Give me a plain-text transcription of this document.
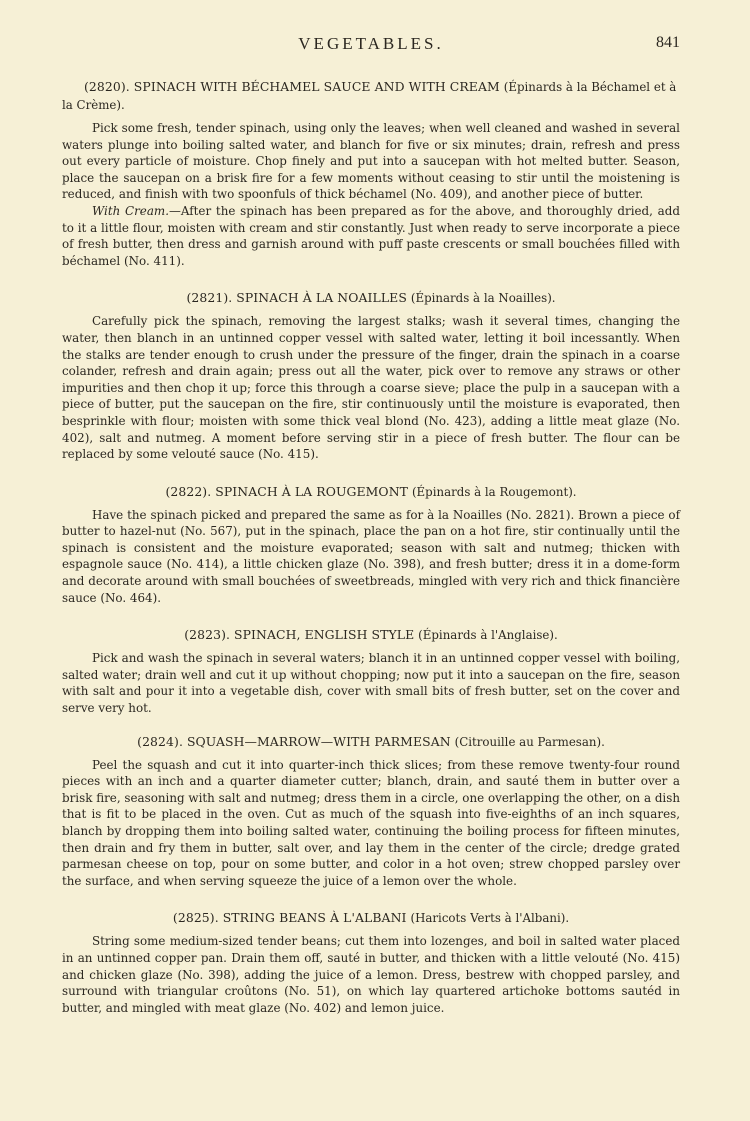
VEGETABLES.	841
(2820). SPINACH WITH BÉCHAMEL SAUCE AND WITH CREAM (Épinards à la Béchamel et à la Crème).

Pick some fresh, tender spinach, using only the leaves; when well cleaned and washed in several waters plunge into boiling salted water, and blanch for five or six minutes; drain, refresh and press out every particle of moisture. Chop finely and put into a saucepan with hot melted butter. Season, place the saucepan on a brisk fire for a few moments without ceasing to stir until the moistening is reduced, and finish with two spoonfuls of thick béchamel (No. 409), and another piece of butter.

With Cream.—After the spinach has been prepared as for the above, and thoroughly dried, add to it a little flour, moisten with cream and stir constantly. Just when ready to serve incorporate a piece of fresh butter, then dress and garnish around with puff paste crescents or small bouchées filled with béchamel (No. 411).

(2821). SPINACH À LA NOAILLES (Épinards à la Noailles).

Carefully pick the spinach, removing the largest stalks; wash it several times, changing the water, then blanch in an untinned copper vessel with salted water, letting it boil incessantly. When the stalks are tender enough to crush under the pressure of the finger, drain the spinach in a coarse colander, refresh and drain again; press out all the water, pick over to remove any straws or other impurities and then chop it up; force this through a coarse sieve; place the pulp in a saucepan with a piece of butter, put the saucepan on the fire, stir continuously until the moisture is evaporated, then besprinkle with flour; moisten with some thick veal blond (No. 423), adding a little meat glaze (No. 402), salt and nutmeg. A moment before serving stir in a piece of fresh butter. The flour can be replaced by some velouté sauce (No. 415).

(2822). SPINACH À LA ROUGEMONT (Épinards à la Rougemont).

Have the spinach picked and prepared the same as for à la Noailles (No. 2821). Brown a piece of butter to hazel-nut (No. 567), put in the spinach, place the pan on a hot fire, stir continually until the spinach is consistent and the moisture evaporated; season with salt and nutmeg; thicken with espagnole sauce (No. 414), a little chicken glaze (No. 398), and fresh butter; dress it in a dome-form and decorate around with small bouchées of sweetbreads, mingled with very rich and thick financière sauce (No. 464).

(2823). SPINACH, ENGLISH STYLE (Épinards à l'Anglaise).

Pick and wash the spinach in several waters; blanch it in an untinned copper vessel with boiling, salted water; drain well and cut it up without chopping; now put it into a saucepan on the fire, season with salt and pour it into a vegetable dish, cover with small bits of fresh butter, set on the cover and serve very hot.

(2824). SQUASH—MARROW—WITH PARMESAN (Citrouille au Parmesan).

Peel the squash and cut it into quarter-inch thick slices; from these remove twenty-four round pieces with an inch and a quarter diameter cutter; blanch, drain, and sauté them in butter over a brisk fire, seasoning with salt and nutmeg; dress them in a circle, one overlapping the other, on a dish that is fit to be placed in the oven. Cut as much of the squash into five-eighths of an inch squares, blanch by dropping them into boiling salted water, continuing the boiling process for fifteen minutes, then drain and fry them in butter, salt over, and lay them in the center of the circle; dredge grated parmesan cheese on top, pour on some butter, and color in a hot oven; strew chopped parsley over the surface, and when serving squeeze the juice of a lemon over the whole.

(2825). STRING BEANS À L'ALBANI (Haricots Verts à l'Albani).

String some medium-sized tender beans; cut them into lozenges, and boil in salted water placed in an untinned copper pan. Drain them off, sauté in butter, and thicken with a little velouté (No. 415) and chicken glaze (No. 398), adding the juice of a lemon. Dress, bestrew with chopped parsley, and surround with triangular croûtons (No. 51), on which lay quartered artichoke bottoms sautéd in butter, and mingled with meat glaze (No. 402) and lemon juice.
